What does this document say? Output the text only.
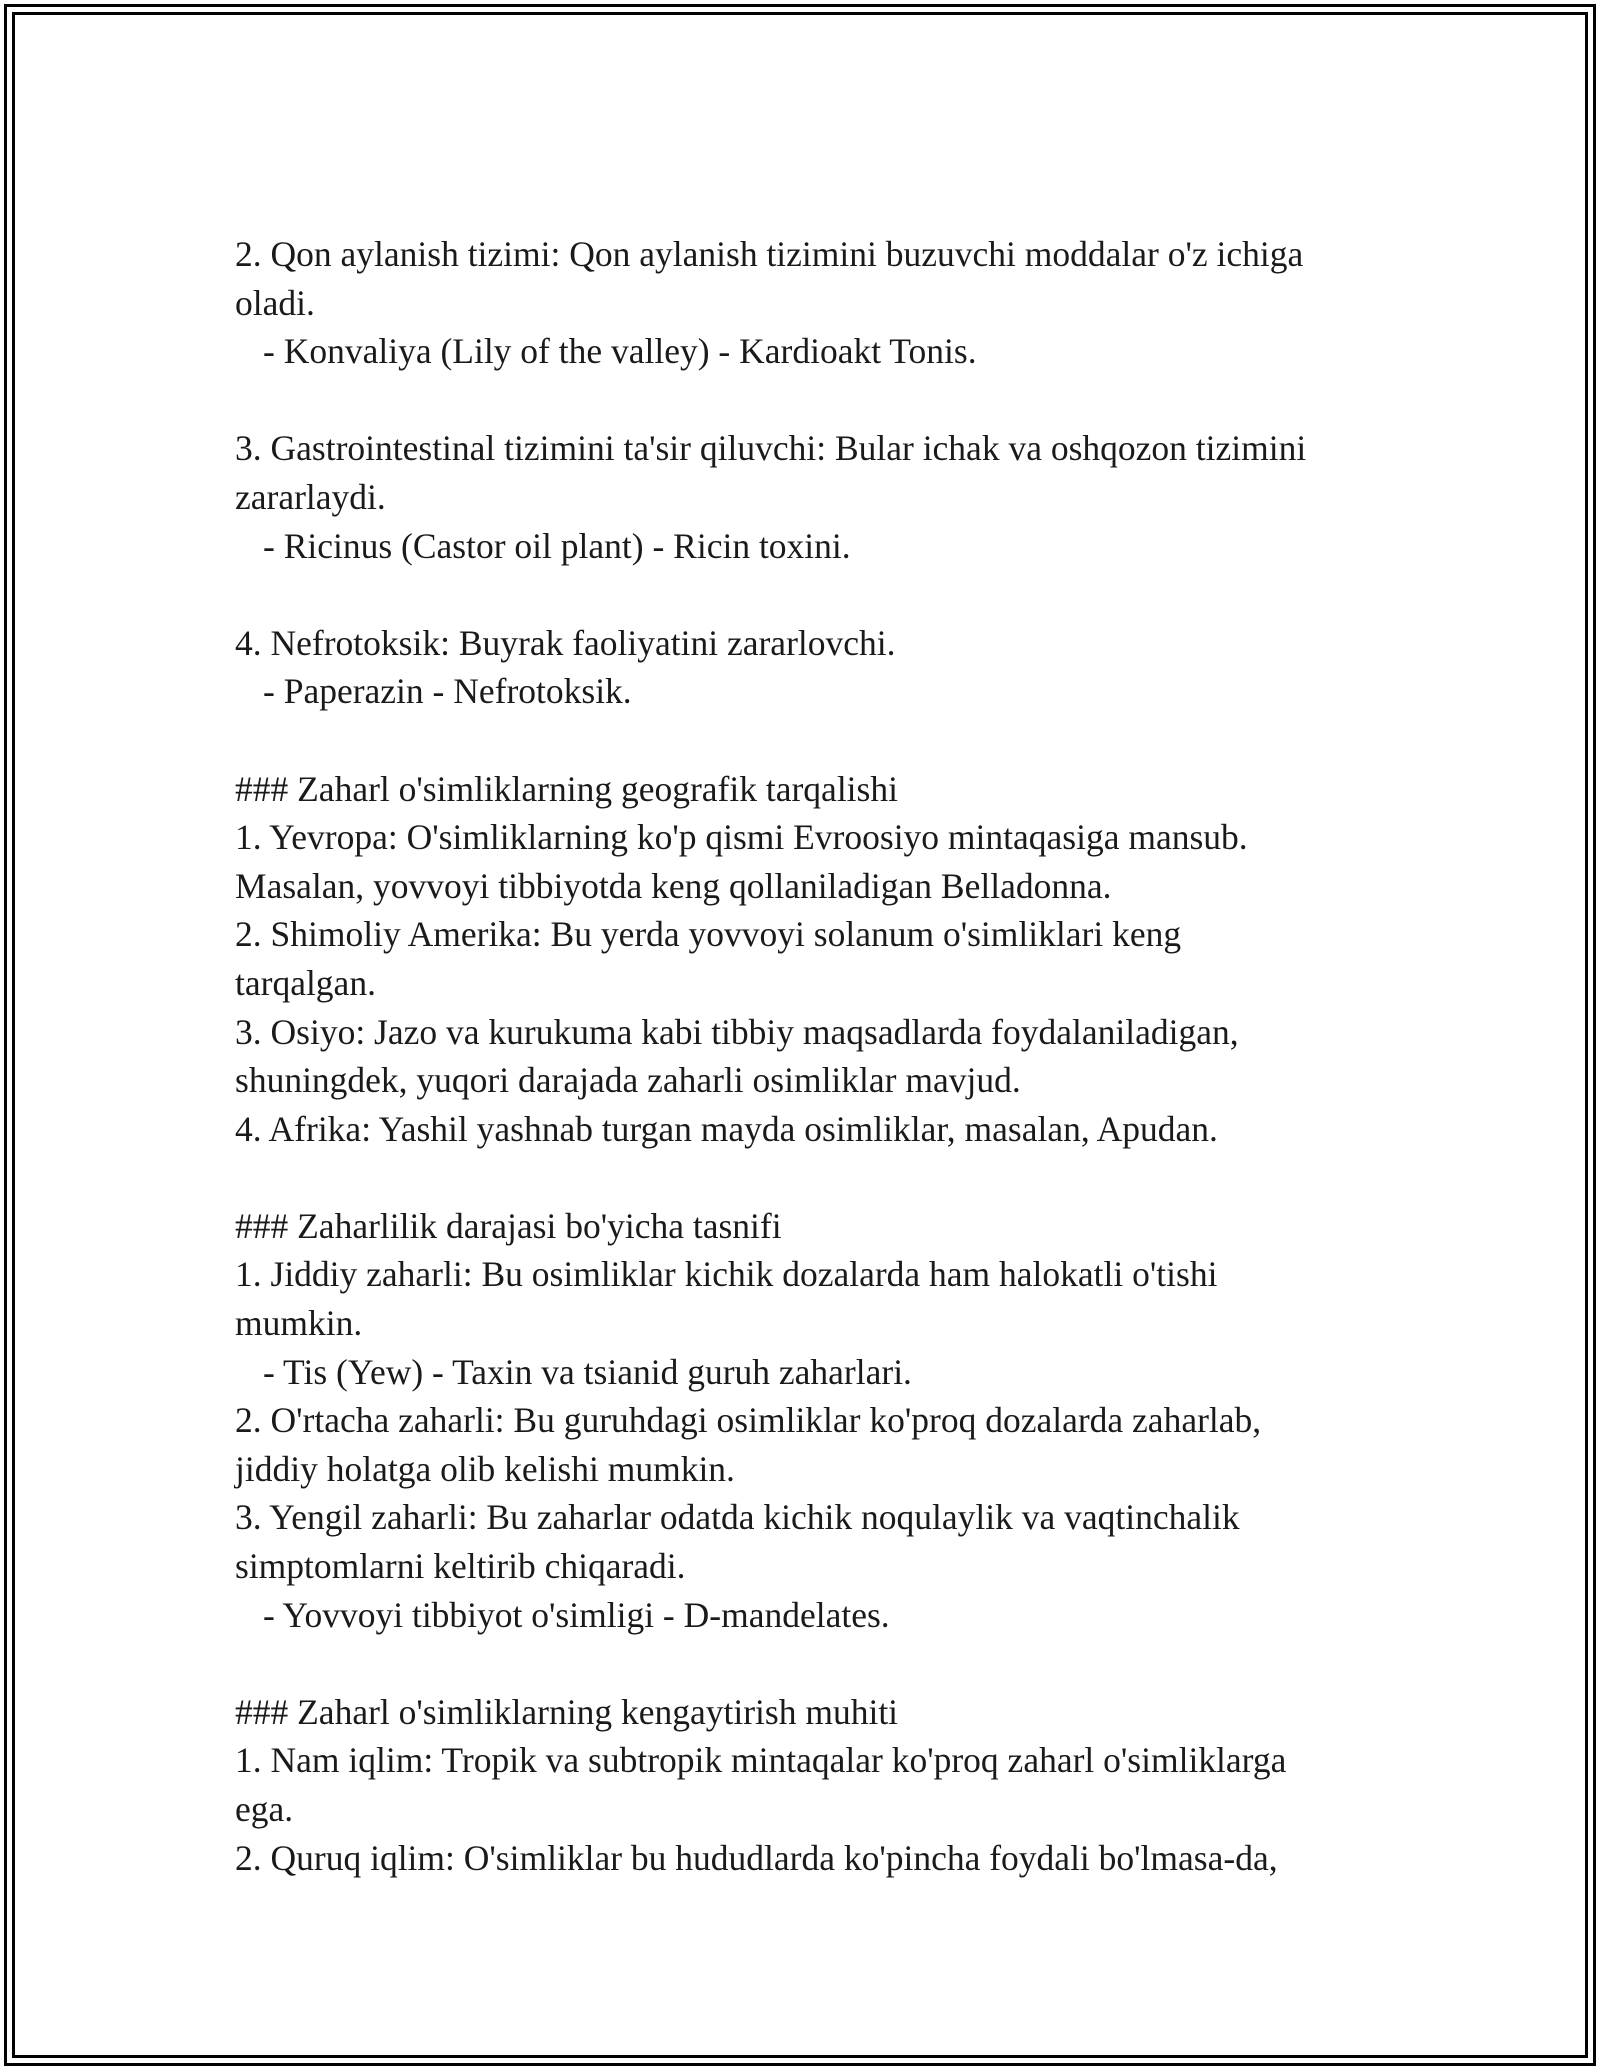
2. Qon aylanish tizimi: Qon aylanish tizimini buzuvchi moddalar o'z ichiga
oladi.
- Konvaliya (Lily of the valley) - Kardioakt Tonis.
3. Gastrointestinal tizimini ta'sir qiluvchi: Bular ichak va oshqozon tizimini
zararlaydi.
- Ricinus (Castor oil plant) - Ricin toxini.
4. Nefrotoksik: Buyrak faoliyatini zararlovchi.
- Paperazin - Nefrotoksik.
### Zaharl o'simliklarning geografik tarqalishi
1. Yevropa: O'simliklarning ko'p qismi Evroosiyo mintaqasiga mansub.
Masalan, yovvoyi tibbiyotda keng qollaniladigan Belladonna.
2. Shimoliy Amerika: Bu yerda yovvoyi solanum o'simliklari keng
tarqalgan.
3. Osiyo: Jazo va kurukuma kabi tibbiy maqsadlarda foydalaniladigan,
shuningdek, yuqori darajada zaharli osimliklar mavjud.
4. Afrika: Yashil yashnab turgan mayda osimliklar, masalan, Apudan.
### Zaharlilik darajasi bo'yicha tasnifi
1. Jiddiy zaharli: Bu osimliklar kichik dozalarda ham halokatli o'tishi
mumkin.
- Tis (Yew) - Taxin va tsianid guruh zaharlari.
2. O'rtacha zaharli: Bu guruhdagi osimliklar ko'proq dozalarda zaharlab,
jiddiy holatga olib kelishi mumkin.
3. Yengil zaharli: Bu zaharlar odatda kichik noqulaylik va vaqtinchalik
simptomlarni keltirib chiqaradi.
- Yovvoyi tibbiyot o'simligi - D-mandelates.
### Zaharl o'simliklarning kengaytirish muhiti
1. Nam iqlim: Tropik va subtropik mintaqalar ko'proq zaharl o'simliklarga
ega.
2. Quruq iqlim: O'simliklar bu hududlarda ko'pincha foydali bo'lmasa-da,
